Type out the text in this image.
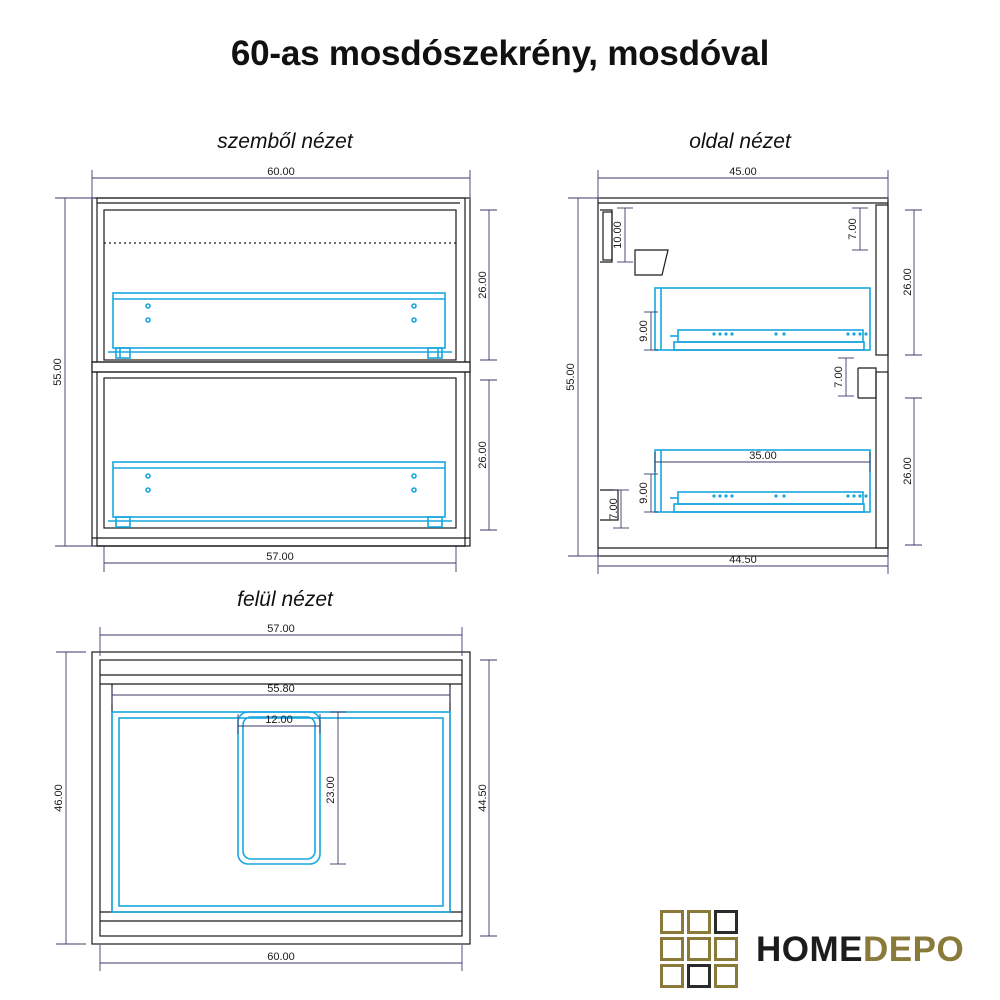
60-as mosdószekrény, mosdóval
szemből nézet	oldal nézet
felül nézet
60.00
57.00
55.00
26.00
26.00
45.00
44.50
55.00
26.00
26.00
10.00	7.00
9.00
7.00
9.00
7.00
35.00
57.00
55.80
12.00
23.00
46.00	44.50
60.00	HOMEDEPO
